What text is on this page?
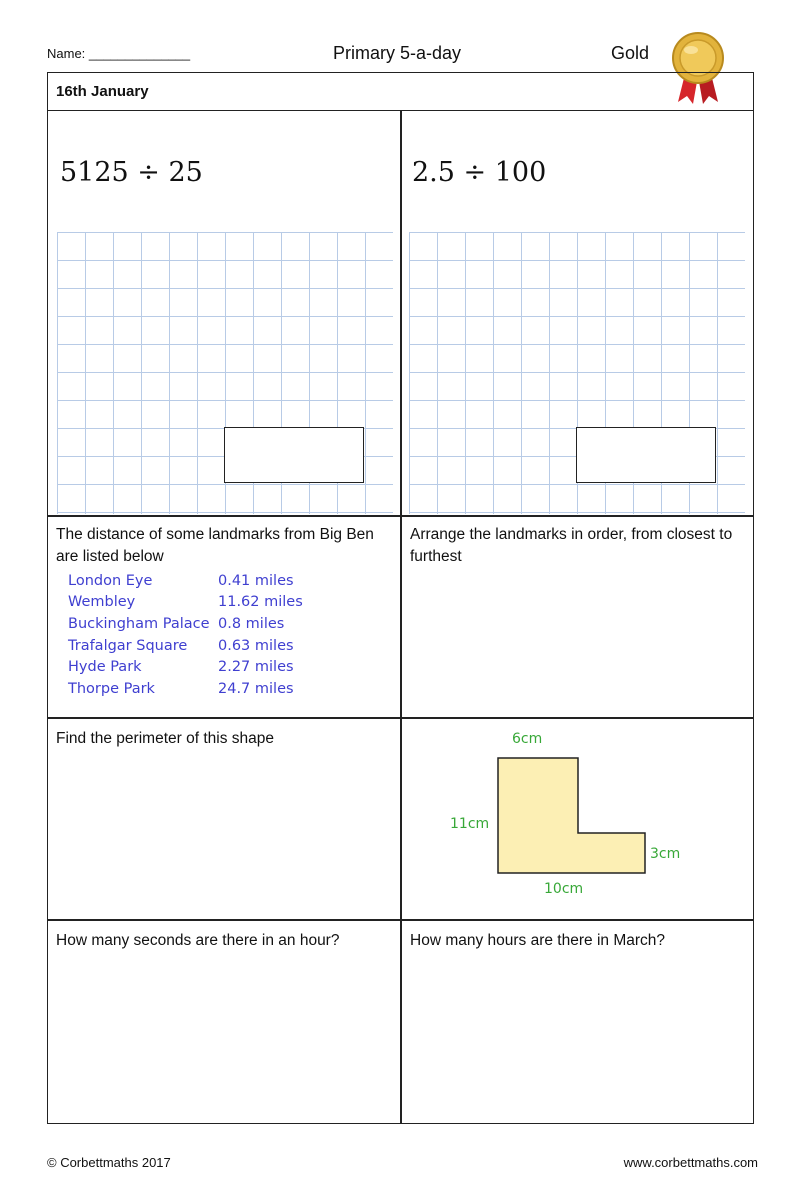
Name: ______________	Primary 5-a-day	Gold
16th January
5125 ÷ 25	2.5 ÷ 100
The distance of some landmarks from Big Ben are listed below
London Eye	0.41 miles
Wembley	11.62 miles
Buckingham Palace 0.8 miles
Trafalgar Square	0.63 miles
Hyde Park	2.27 miles
Thorpe Park	24.7 miles
Arrange the landmarks in order, from closest to furthest
Find the perimeter of this shape	6cm
11cm
3cm
10cm
How many seconds are there in an hour?	How many hours are there in March?
© Corbettmaths 2017	www.corbettmaths.com
